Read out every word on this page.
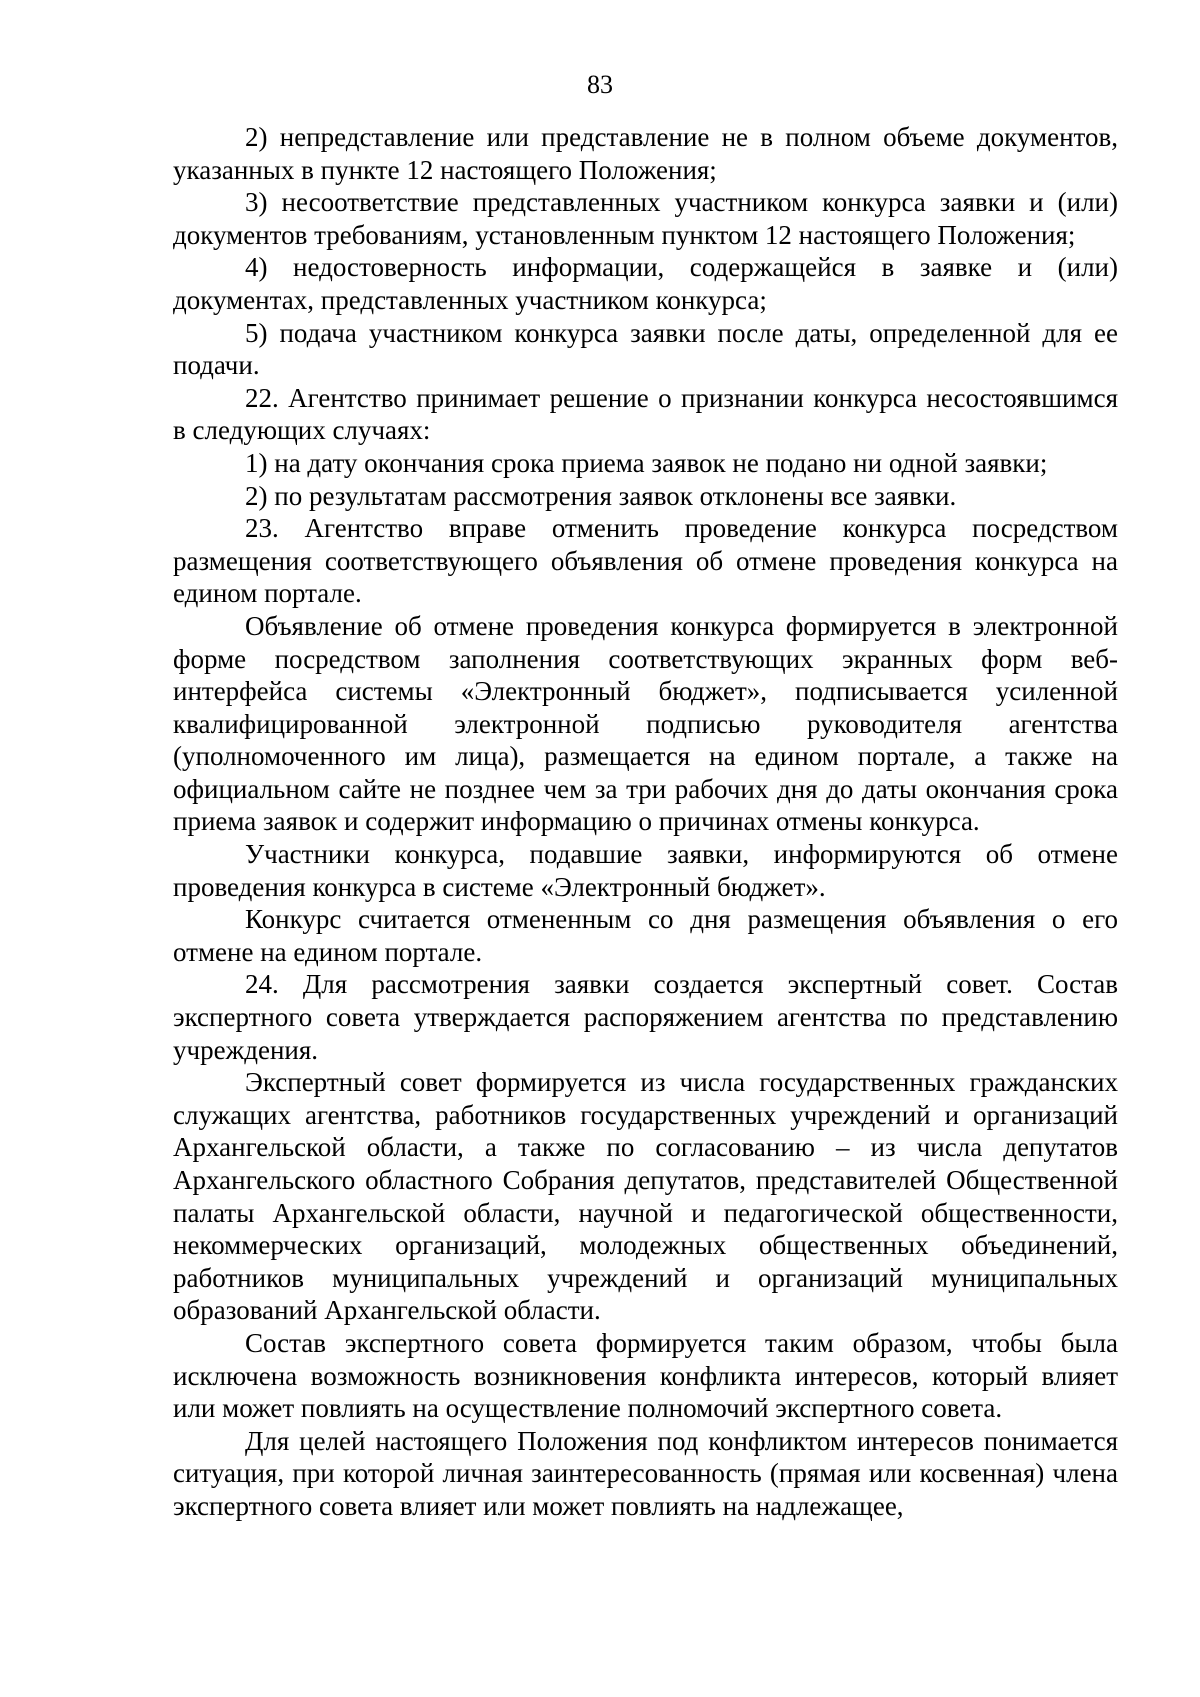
83

2) непредставление или представление не в полном объеме документов, указанных в пункте 12 настоящего Положения;

3) несоответствие представленных участником конкурса заявки и (или) документов требованиям, установленным пунктом 12 настоящего Положения;

4) недостоверность информации, содержащейся в заявке и (или) документах, представленных участником конкурса;

5) подача участником конкурса заявки после даты, определенной для ее подачи.

22. Агентство принимает решение о признании конкурса несостоявшимся в следующих случаях:

1) на дату окончания срока приема заявок не подано ни одной заявки;

2) по результатам рассмотрения заявок отклонены все заявки.

23. Агентство вправе отменить проведение конкурса посредством размещения соответствующего объявления об отмене проведения конкурса на едином портале.

Объявление об отмене проведения конкурса формируется в электронной форме посредством заполнения соответствующих экранных форм веб-интерфейса системы «Электронный бюджет», подписывается усиленной квалифицированной электронной подписью руководителя агентства (уполномоченного им лица), размещается на едином портале, а также на официальном сайте не позднее чем за три рабочих дня до даты окончания срока приема заявок и содержит информацию о причинах отмены конкурса.

Участники конкурса, подавшие заявки, информируются об отмене проведения конкурса в системе «Электронный бюджет».

Конкурс считается отмененным со дня размещения объявления о его отмене на едином портале.

24. Для рассмотрения заявки создается экспертный совет. Состав экспертного совета утверждается распоряжением агентства по представлению учреждения.

Экспертный совет формируется из числа государственных гражданских служащих агентства, работников государственных учреждений и организаций Архангельской области, а также по согласованию – из числа депутатов Архангельского областного Собрания депутатов, представителей Общественной палаты Архангельской области, научной и педагогической общественности, некоммерческих организаций, молодежных общественных объединений, работников муниципальных учреждений и организаций муниципальных образований Архангельской области.

Состав экспертного совета формируется таким образом, чтобы была исключена возможность возникновения конфликта интересов, который влияет или может повлиять на осуществление полномочий экспертного совета.

Для целей настоящего Положения под конфликтом интересов понимается ситуация, при которой личная заинтересованность (прямая или косвенная) члена экспертного совета влияет или может повлиять на надлежащее,
